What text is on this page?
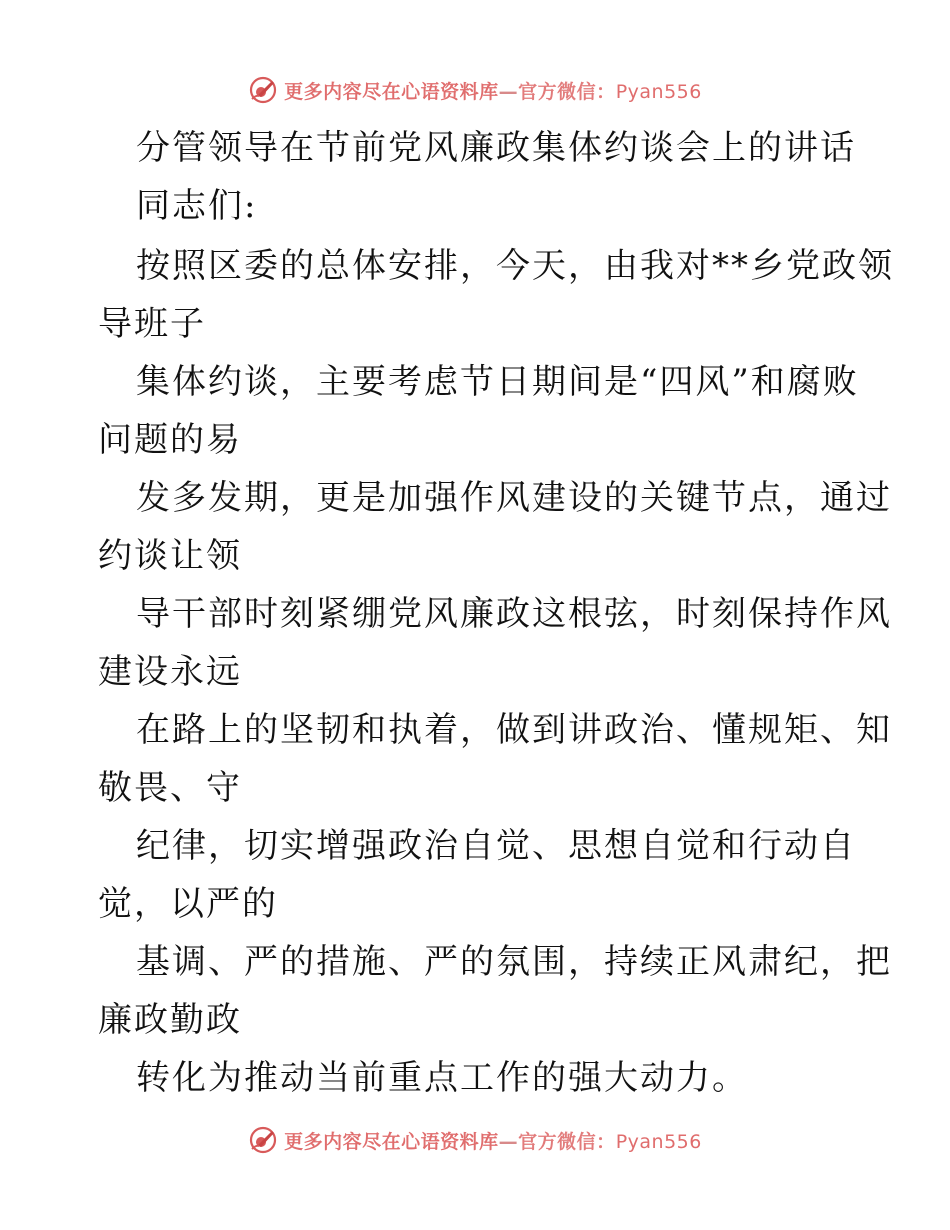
更多内容尽在心语资料库—官方微信：Pyan556
分管领导在节前党风廉政集体约谈会上的讲话
同志们:
按照区委的总体安排，今天，由我对**乡党政领
导班子
集体约谈，主要考虑节日期间是“四风”和腐败
问题的易
发多发期，更是加强作风建设的关键节点，通过
约谈让领
导干部时刻紧绷党风廉政这根弦，时刻保持作风
建设永远
在路上的坚韧和执着，做到讲政治、懂规矩、知
敬畏、守
纪律，切实增强政治自觉、思想自觉和行动自
觉，以严的
基调、严的措施、严的氛围，持续正风肃纪，把
廉政勤政
转化为推动当前重点工作的强大动力。
更多内容尽在心语资料库—官方微信：Pyan556
